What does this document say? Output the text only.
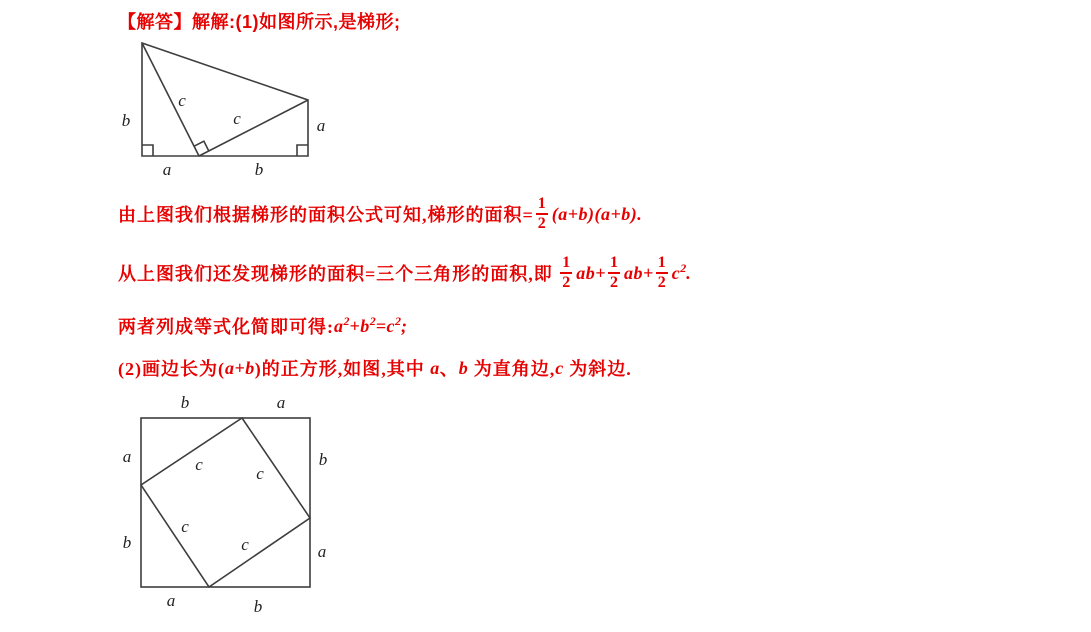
【解答】解解:(1)如图所示,是梯形;
b	a
a	b
c
c
由上图我们根据梯形的面积公式可知,梯形的面积= $\frac{1}{2} (a+b)(a+b)$.
从上图我们还发现梯形的面积=三个三角形的面积,即 $\frac{1}{2} ab+ \frac{1}{2} ab+ \frac{1}{2} c^2$.
两者列成等式化简即可得: $a^2+b^2=c^2$;
(2)画边长为( a+b )的正方形,如图,其中 a 、 b 为直角边, c 为斜边.
b	a
a
b
b
a
a	b
c	c
c
c
